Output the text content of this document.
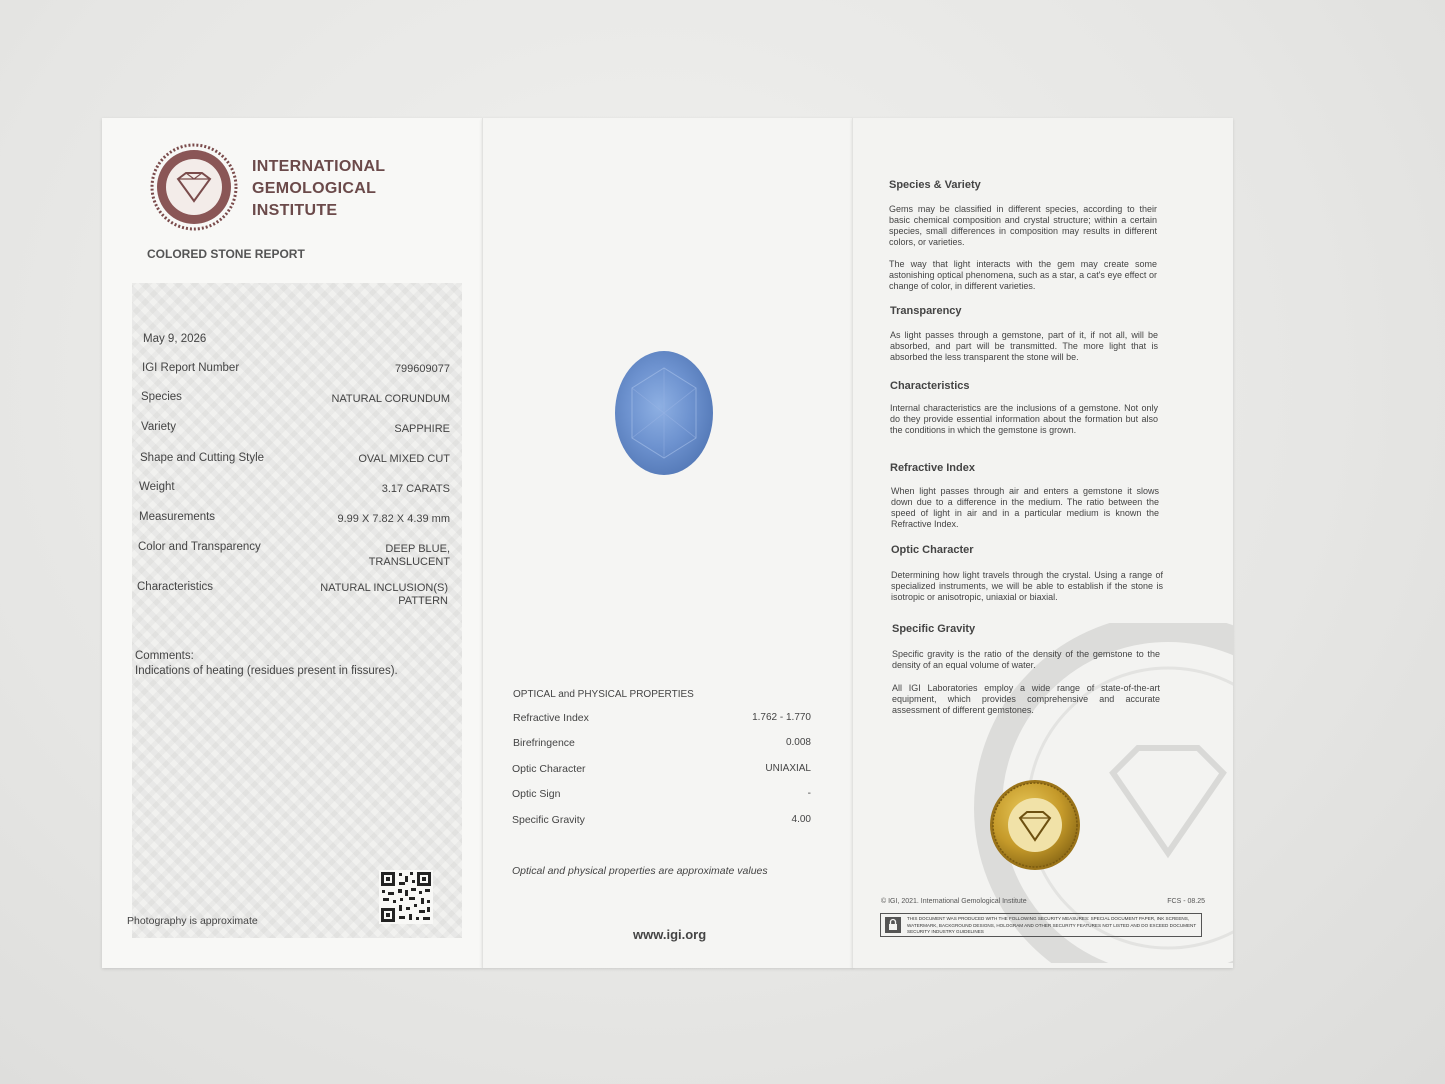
INTERNATIONAL
GEMOLOGICAL
INSTITUTE
COLORED STONE REPORT
May 9, 2026
IGI Report Number	799609077
Species	NATURAL CORUNDUM
Variety	SAPPHIRE
Shape and Cutting Style	OVAL MIXED CUT
Weight	3.17 CARATS
Measurements	9.99 X 7.82 X 4.39 mm
Color and Transparency	DEEP BLUE,
TRANSLUCENT
Characteristics	NATURAL INCLUSION(S)
PATTERN
Comments:
Indications of heating (residues present in fissures).
Photography is approximate
OPTICAL and PHYSICAL PROPERTIES
Refractive Index	1.762 - 1.770
Birefringence	0.008
Optic Character	UNIAXIAL
Optic Sign	-
Specific Gravity	4.00
Optical and physical properties are approximate values
www.igi.org
Species & Variety
Gems may be classified in different species, according to their basic chemical composition and crystal structure; within a certain species, small differences in composition may results in different colors, or varieties.
The way that light interacts with the gem may create some astonishing optical phenomena, such as a star, a cat's eye effect or change of color, in different varieties.
Transparency
As light passes through a gemstone, part of it, if not all, will be absorbed, and part will be transmitted. The more light that is absorbed the less transparent the stone will be.
Characteristics
Internal characteristics are the inclusions of a gemstone. Not only do they provide essential information about the formation but also the conditions in which the gemstone is grown.
Refractive Index
When light passes through air and enters a gemstone it slows down due to a difference in the medium. The ratio between the speed of light in air and in a particular medium is known the Refractive Index.
Optic Character
Determining how light travels through the crystal. Using a range of specialized instruments, we will be able to establish if the stone is isotropic or anisotropic, uniaxial or biaxial.
Specific Gravity
Specific gravity is the ratio of the density of the gemstone to the density of an equal volume of water.
All IGI Laboratories employ a wide range of state-of-the-art equipment, which provides comprehensive and accurate assessment of different gemstones.
© IGI, 2021. International Gemological Institute	FCS - 08.25
THIS DOCUMENT WAS PRODUCED WITH THE FOLLOWING SECURITY MEASURES: SPECIAL DOCUMENT PAPER, INK SCREENS, WATERMARK, BACKGROUND DESIGNS, HOLOGRAM AND OTHER SECURITY FEATURES NOT LISTED AND DO EXCEED DOCUMENT SECURITY INDUSTRY GUIDELINES
